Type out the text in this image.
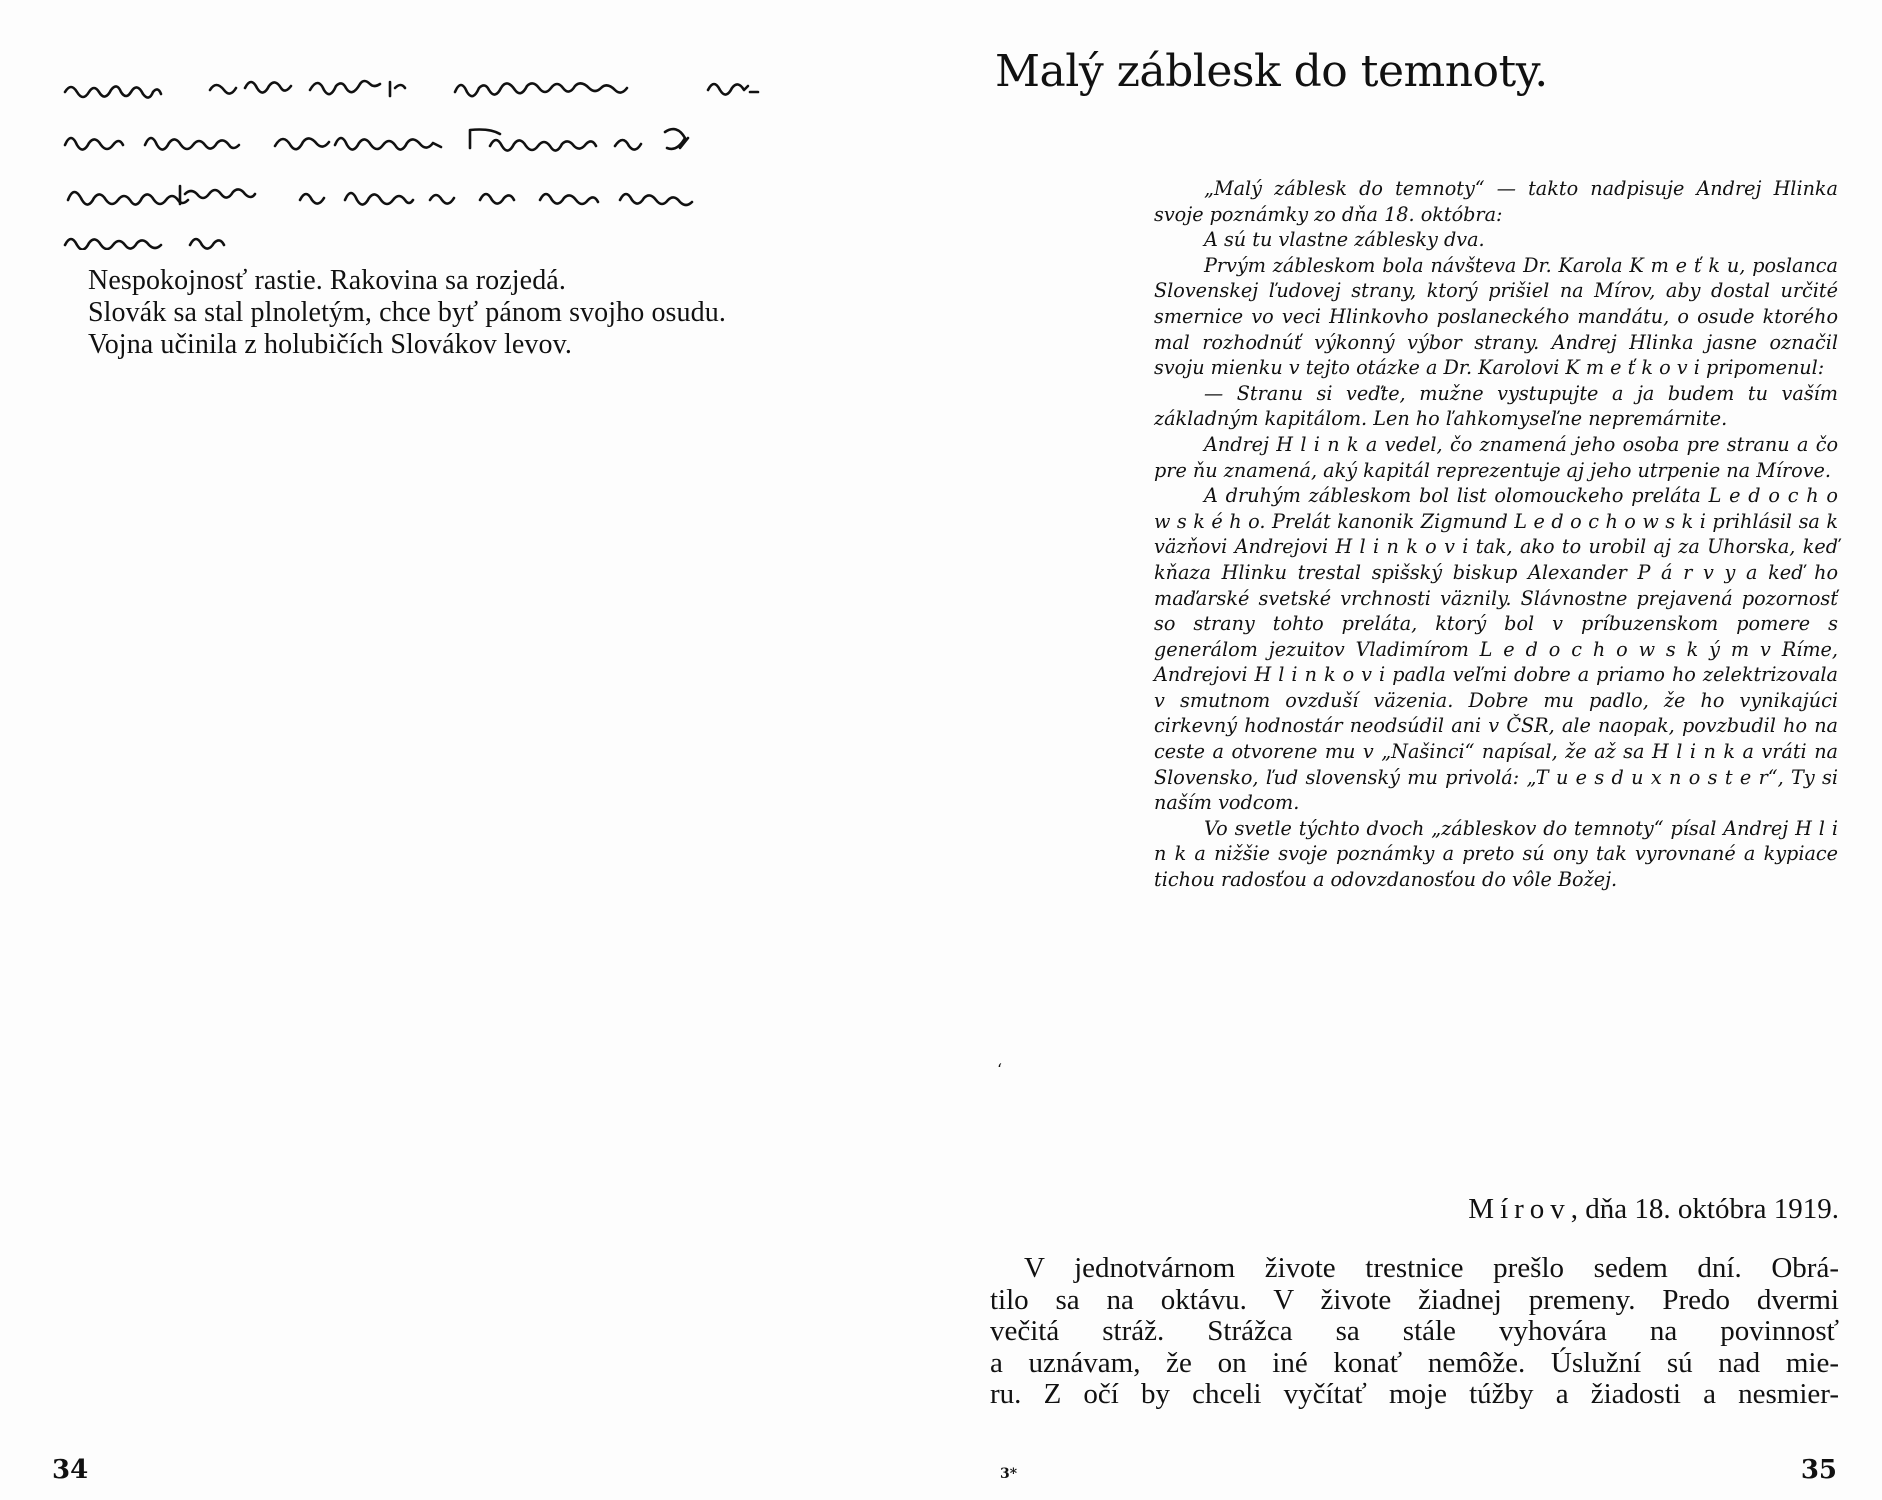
Nespokojnosť rastie. Rakovina sa rozjedá.
Slovák sa stal plnoletým, chce byť pánom svojho osudu.
Vojna učinila z holubičích Slovákov levov.
34
Malý záblesk do temnoty.

„Malý záblesk do temnoty“ — takto nadpisuje Andrej Hlinka svoje poznámky zo dňa 18. októbra:

A sú tu vlastne záblesky dva.

Prvým zábleskom bola návšteva Dr. Karola K m e ť k u, poslanca Slovenskej ľudovej strany, ktorý prišiel na Mírov, aby dostal určité smernice vo veci Hlinkovho poslaneckého mandátu, o osude ktorého mal rozhodnúť výkonný výbor strany. Andrej Hlinka jasne označil svoju mienku v tejto otázke a Dr. Karolovi K m e ť k o v i pripomenul:

— Stranu si veďte, mužne vystupujte a ja budem tu vaším základným kapitálom. Len ho ľahkomyseľne nepremárnite.

Andrej H l i n k a vedel, čo znamená jeho osoba pre stranu a čo pre ňu znamená, aký kapitál reprezentuje aj jeho utrpenie na Mírove.

A druhým zábleskom bol list olomouckeho preláta L e d o c h o w s k é h o. Prelát kanonik Zigmund L e d o c h o w s k i prihlásil sa k väzňovi Andrejovi H l i n k o v i tak, ako to urobil aj za Uhorska, keď kňaza Hlinku trestal spišský biskup Alexander P á r v y a keď ho maďarské svetské vrchnosti väznily. Slávnostne prejavená pozornosť so strany tohto preláta, ktorý bol v príbuzenskom pomere s generálom jezuitov Vladimírom L e d o c h o w s k ý m v Ríme, Andrejovi H l i n k o v i padla veľmi dobre a priamo ho zelektrizovala v smutnom ovzduší väzenia. Dobre mu padlo, že ho vynikajúci cirkevný hodnostár neodsúdil ani v ČSR, ale naopak, povzbudil ho na ceste a otvorene mu v „Našinci“ napísal, že až sa H l i n k a vráti na Slovensko, ľud slovenský mu privolá: „T u e s d u x n o s t e r“, Ty si naším vodcom.

Vo svetle týchto dvoch „zábleskov do temnoty“ písal Andrej H l i n k a nižšie svoje poznámky a preto sú ony tak vyrovnané a kypiace tichou radosťou a odovzdanosťou do vôle Božej.

‘
Mírov, dňa 18. októbra 1919.
V jednotvárnom živote trestnice prešlo sedem dní. Obrá-
tilo sa na oktávu. V živote žiadnej premeny. Predo dvermi
večitá stráž. Strážca sa stále vyhovára na povinnosť
a uznávam, že on iné konať nemôže. Úslužní sú nad mie-
ru. Z očí by chceli vyčítať moje túžby a žiadosti a nesmier-
3*	35
